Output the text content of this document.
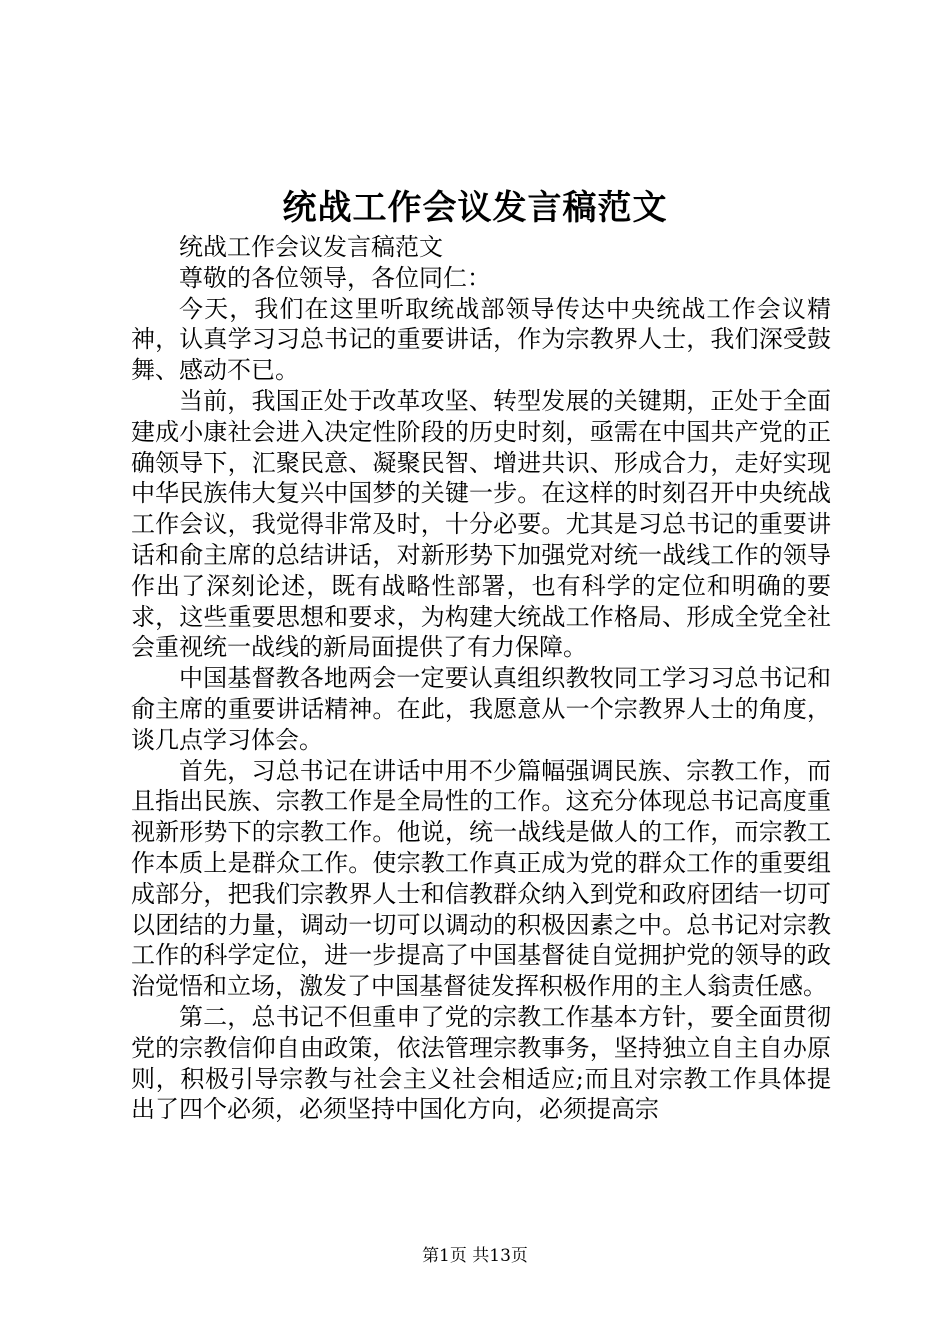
统战工作会议发言稿范文

统战工作会议发言稿范文

尊敬的各位领导，各位同仁：

今天，我们在这里听取统战部领导传达中央统战工作会议精神，认真学习习总书记的重要讲话，作为宗教界人士，我们深受鼓舞、感动不已。

当前，我国正处于改革攻坚、转型发展的关键期，正处于全面建成小康社会进入决定性阶段的历史时刻，亟需在中国共产党的正确领导下，汇聚民意、凝聚民智、增进共识、形成合力，走好实现中华民族伟大复兴中国梦的关键一步。在这样的时刻召开中央统战工作会议，我觉得非常及时，十分必要。尤其是习总书记的重要讲话和俞主席的总结讲话，对新形势下加强党对统一战线工作的领导作出了深刻论述，既有战略性部署，也有科学的定位和明确的要求，这些重要思想和要求，为构建大统战工作格局、形成全党全社会重视统一战线的新局面提供了有力保障。

中国基督教各地两会一定要认真组织教牧同工学习习总书记和俞主席的重要讲话精神。在此，我愿意从一个宗教界人士的角度，谈几点学习体会。

首先，习总书记在讲话中用不少篇幅强调民族、宗教工作，而且指出民族、宗教工作是全局性的工作。这充分体现总书记高度重视新形势下的宗教工作。他说，统一战线是做人的工作，而宗教工作本质上是群众工作。使宗教工作真正成为党的群众工作的重要组成部分，把我们宗教界人士和信教群众纳入到党和政府团结一切可以团结的力量，调动一切可以调动的积极因素之中。总书记对宗教工作的科学定位，进一步提高了中国基督徒自觉拥护党的领导的政治觉悟和立场，激发了中国基督徒发挥积极作用的主人翁责任感。

第二，总书记不但重申了党的宗教工作基本方针，要全面贯彻党的宗教信仰自由政策，依法管理宗教事务，坚持独立自主自办原则，积极引导宗教与社会主义社会相适应;而且对宗教工作具体提出了四个必须，必须坚持中国化方向，必须提高宗

第1页 共13页
